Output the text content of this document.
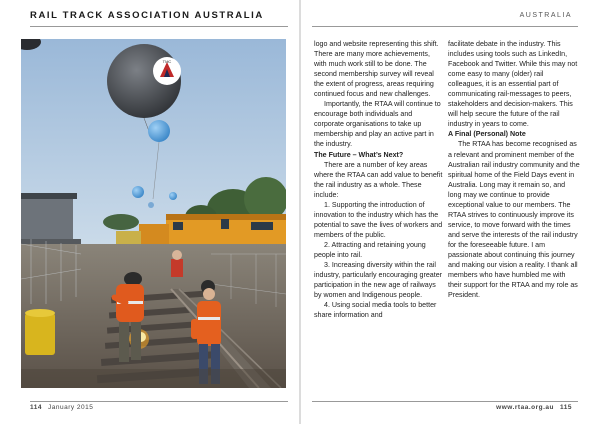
RAIL TRACK ASSOCIATION AUSTRALIA	AUSTRALIA
TMC

logo and website representing this shift. There are many more achievements, with much work still to be done. The second membership survey will reveal the extent of progress, areas requiring continued focus and new challenges.

Importantly, the RTAA will continue to encourage both individuals and corporate organisations to take up membership and play an active part in the industry.

The Future – What’s Next?

There are a number of key areas where the RTAA can add value to benefit the rail industry as a whole. These include:

1. Supporting the introduction of innovation to the industry which has the potential to save the lives of workers and members of the public.

2. Attracting and retaining young people into rail.

3. Increasing diversity within the rail industry, particularly encouraging greater participation in the new age of railways by women and Indigenous people.

4. Using social media tools to better share information and

facilitate debate in the industry. This includes using tools such as LinkedIn, Facebook and Twitter. While this may not come easy to many (older) rail colleagues, it is an essential part of communicating rail-messages to peers, stakeholders and decision-makers. This will help secure the future of the rail industry in years to come.

A Final (Personal) Note

The RTAA has become recognised as a relevant and prominent member of the Australian rail industry community and the spiritual home of the Field Days event in Australia. Long may it remain so, and long may we continue to provide exceptional value to our members. The RTAA strives to continuously improve its service, to move forward with the times and serve the interests of the rail industry for the foreseeable future. I am passionate about continuing this journey and making our vision a reality. I thank all members who have humbled me with their support for the RTAA and my role as President.

114 January 2015	www.rtaa.org.au 115
